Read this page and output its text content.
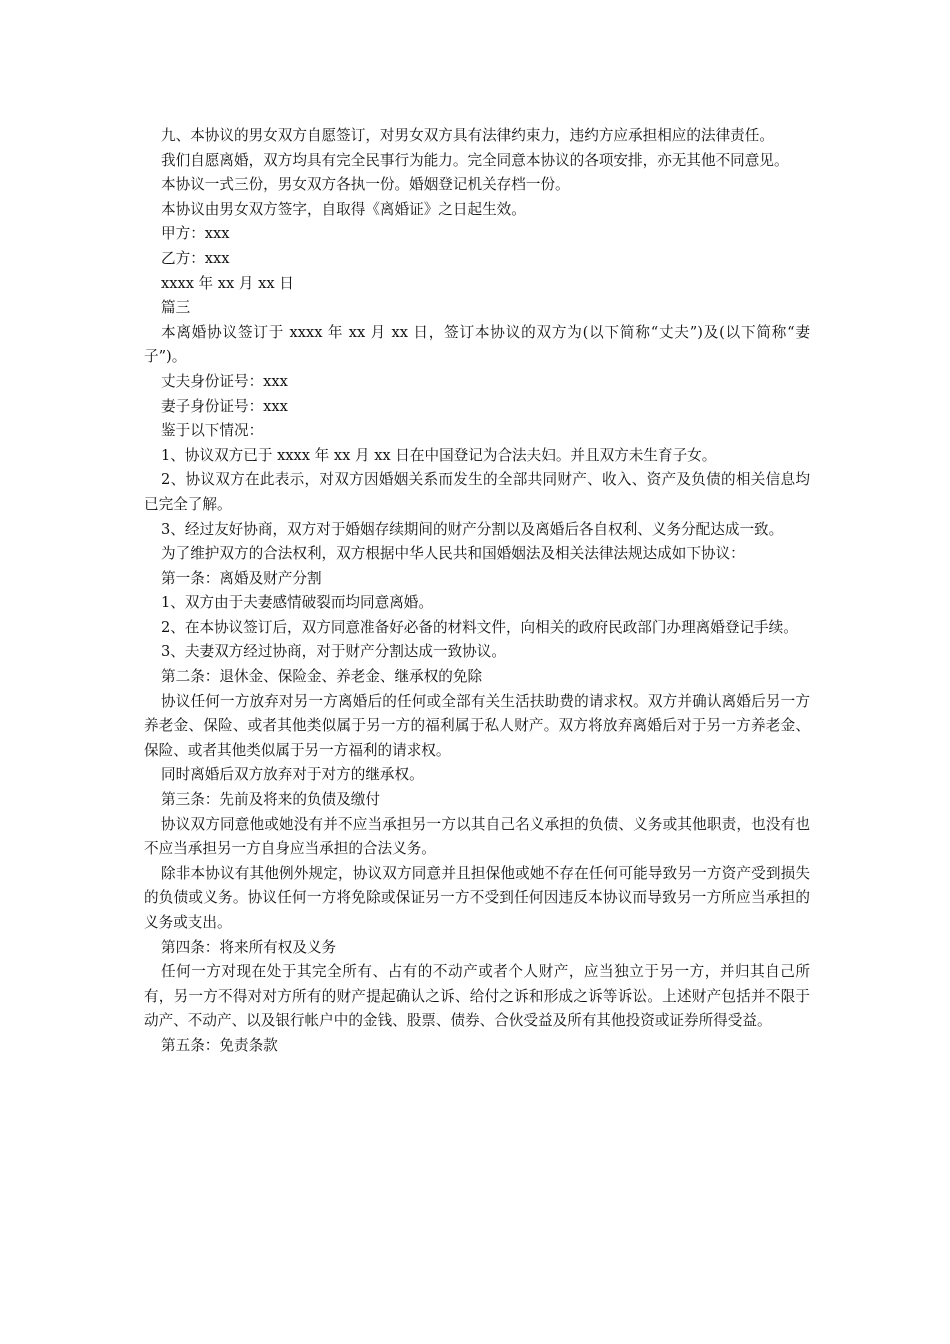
九、本协议的男女双方自愿签订，对男女双方具有法律约束力，违约方应承担相应的法律责任。

我们自愿离婚，双方均具有完全民事行为能力。完全同意本协议的各项安排，亦无其他不同意见。

本协议一式三份，男女双方各执一份。婚姻登记机关存档一份。

本协议由男女双方签字，自取得《离婚证》之日起生效。

甲方：xxx

乙方：xxx

xxxx 年 xx 月 xx 日

篇三

本离婚协议签订于 xxxx 年 xx 月 xx 日，签订本协议的双方为(以下简称“丈夫”)及(以下简称“妻子”)。

丈夫身份证号：xxx

妻子身份证号：xxx

鉴于以下情况：

1、协议双方已于 xxxx 年 xx 月 xx 日在中国登记为合法夫妇。并且双方未生育子女。

2、协议双方在此表示，对双方因婚姻关系而发生的全部共同财产、收入、资产及负债的相关信息均已完全了解。

3、经过友好协商，双方对于婚姻存续期间的财产分割以及离婚后各自权利、义务分配达成一致。

为了维护双方的合法权利，双方根据中华人民共和国婚姻法及相关法律法规达成如下协议：

第一条：离婚及财产分割

1、双方由于夫妻感情破裂而均同意离婚。

2、在本协议签订后，双方同意准备好必备的材料文件，向相关的政府民政部门办理离婚登记手续。

3、夫妻双方经过协商，对于财产分割达成一致协议。

第二条：退休金、保险金、养老金、继承权的免除

协议任何一方放弃对另一方离婚后的任何或全部有关生活扶助费的请求权。双方并确认离婚后另一方养老金、保险、或者其他类似属于另一方的福利属于私人财产。双方将放弃离婚后对于另一方养老金、保险、或者其他类似属于另一方福利的请求权。

同时离婚后双方放弃对于对方的继承权。

第三条：先前及将来的负债及缴付

协议双方同意他或她没有并不应当承担另一方以其自己名义承担的负债、义务或其他职责，也没有也不应当承担另一方自身应当承担的合法义务。

除非本协议有其他例外规定，协议双方同意并且担保他或她不存在任何可能导致另一方资产受到损失的负债或义务。协议任何一方将免除或保证另一方不受到任何因违反本协议而导致另一方所应当承担的义务或支出。

第四条：将来所有权及义务

任何一方对现在处于其完全所有、占有的不动产或者个人财产，应当独立于另一方，并归其自己所有，另一方不得对对方所有的财产提起确认之诉、给付之诉和形成之诉等诉讼。上述财产包括并不限于动产、不动产、以及银行帐户中的金钱、股票、债券、合伙受益及所有其他投资或证券所得受益。

第五条：免责条款
